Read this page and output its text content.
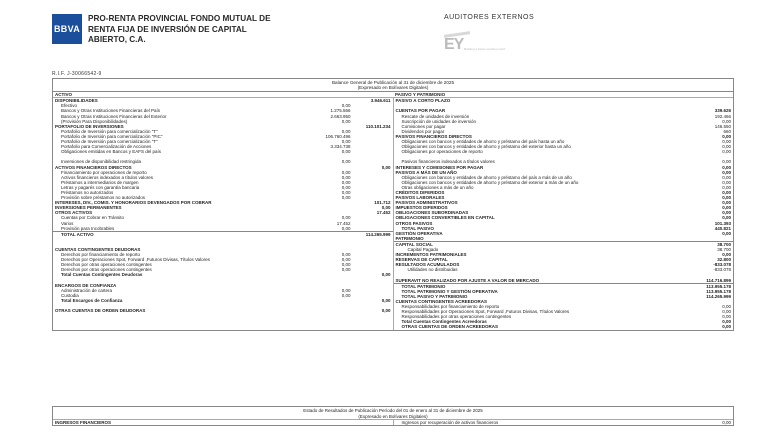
BBVA
PRO-RENTA PROVINCIAL FONDO MUTUAL DE
RENTA FIJA DE INVERSIÓN DE CAPITAL
ABIERTO, C.A.
AUDITORES EXTERNOS
EY Building a better working world
R.I.F. J-30066542-9
Balance General de Publicación al 31 de diciembre de 2025
(Expresado en Bolívares Digitales)
ACTIVO	PASIVO Y PATRIMONIO
DISPONIBILIDADES	3.946.611
Efectivo	0,00
Bancos y Otras Instituciones Financieras del País	1.275.566
Bancos y Otras Instituciones Financieras del Exterior	2.663.950
(Provisión Para Disponibilidades)	0,00
PORTAFOLIO DE INVERSIONES	110.101.234
Portafolio de Inversión para comercialización "T"	0,00
Portafolio de Inversión para comercialización "PIC"	106.760.496
Portafolio de Inversión para comercialización "T"	0,00
Portafolio para Comercialización de Acciones	3.334.738
Obligaciones emitidas en Bancos y EAFS del país	0,00
Inversiones de disponibilidad restringida	0,00
ACTIVOS FINANCIEROS DIRECTOS	0,00
Financiamiento por operaciones de reporto	0,00
Activos financieros indexados a títulos valores	0,00
Préstamos a intermediarios de margen	0,00
Letras y pagarés con garantía bancaria	0,00
Préstamos no autorizados	0,00
Provisión sobre préstamos no autorizados	0,00
INTERESES, DIV., COMIS. Y HONORARIOS DEVENGADOS POR COBRAR	101.712
INVERSIONES PERMANENTES	0,00
OTROS ACTIVOS	17.452
Cuentas por Cobrar en Tránsito	0,00
Varios	17.452
Provisión para Incobrables	0,00
TOTAL ACTIVO	114.265.999
CUENTAS CONTINGENTES DEUDORAS
Derechos por financiamiento de reporto	0,00
Derechos por Operaciones Spot, Forward ,Futuros Divisas, Títulos Valores	0,00
Derechos por otras operaciones contingentes	0,00
Derechos por otras operaciones contingentes	0,00
Total Cuentas Contingentes Deudoras	0,00
ENCARGOS DE CONFIANZA
Administración de cartera	0,00
Custodia	0,00
Total Encargos de Confianza	0,00
OTRAS CUENTAS DE ORDEN DEUDORAS	0,00
PASIVO A CORTO PLAZO
CUENTAS POR PAGAR	339.626
Rescate de unidades de inversión	192.466
Suscripción de unidades de inversión	0,00
Comisiones por pagar	146.550
Dividendos por pagar	660
PASIVOS FINANCIEROS DIRECTOS	0,00
Obligaciones con bancos y entidades de ahorro y préstamo del país hasta un año	0,00
Obligaciones con bancos y entidades de ahorro y préstamo del exterior hasta un año	0,00
Obligaciones por operaciones de reporto	0,00
Pasivos financieros indexados a títulos valores	0,00
INTERESES Y COMISIONES POR PAGAR	0,00
PASIVOS A MÁS DE UN AÑO	0,00
Obligaciones con bancos y entidades de ahorro y préstamo del país a más de un año	0,00
Obligaciones con bancos y entidades de ahorro y préstamo del exterior a más de un año	0,00
Otras obligaciones a más de un año	0,00
CRÉDITOS DIFERIDOS	0,00
PASIVOS LABORALES	0,00
PASIVOS ADMINISTRATIVOS	0,00
IMPUESTOS DIFERIDOS	0,00
OBLIGACIONES SUBORDINADAS	0,00
OBLIGACIONES CONVERTIBLES EN CAPITAL	0,00
OTROS PASIVOS	101.393
TOTAL PASIVO	440.821
GESTIÓN OPERATIVA	0,00
PATRIMONIO
CAPITAL SOCIAL	38.700
Capital Pagado	38.700
INCREMENTOS PATRIMONIALES	0,00
RESERVAS DE CAPITAL	32.800
RESULTADOS ACUMULADOS	-833.078
Utilidades no distribuidas	-833.078
SUPERAVIT NO REALIZADO POR AJUSTE A VALOR DE MERCADO	114.716.899
TOTAL PATRIMONIO	113.955.178
TOTAL PATRIMONIO Y GESTIÓN OPERATIVA	113.955.178
TOTAL PASIVO Y PATRIMONIO	114.265.999
CUENTAS CONTINGENTES ACREEDORAS
Responsabilidades por financiamiento de reporto	0,00
Responsabilidades por Operaciones Spot, Forward ,Futuros Divisas, Títulos Valores	0,00
Responsabilidades por otras operaciones contingentes	0,00
Total Cuentas Contingentes Acreedoras	0,00
OTRAS CUENTAS DE ORDEN ACREEDORAS	0,00
Estado de Resultados de Publicación Período del 01 de enero al 31 de diciembre de 2025
(Expresado en Bolívares Digitales)
INGRESOS FINANCIEROS	Ingresos por recuperación de activos financieros	0,00
